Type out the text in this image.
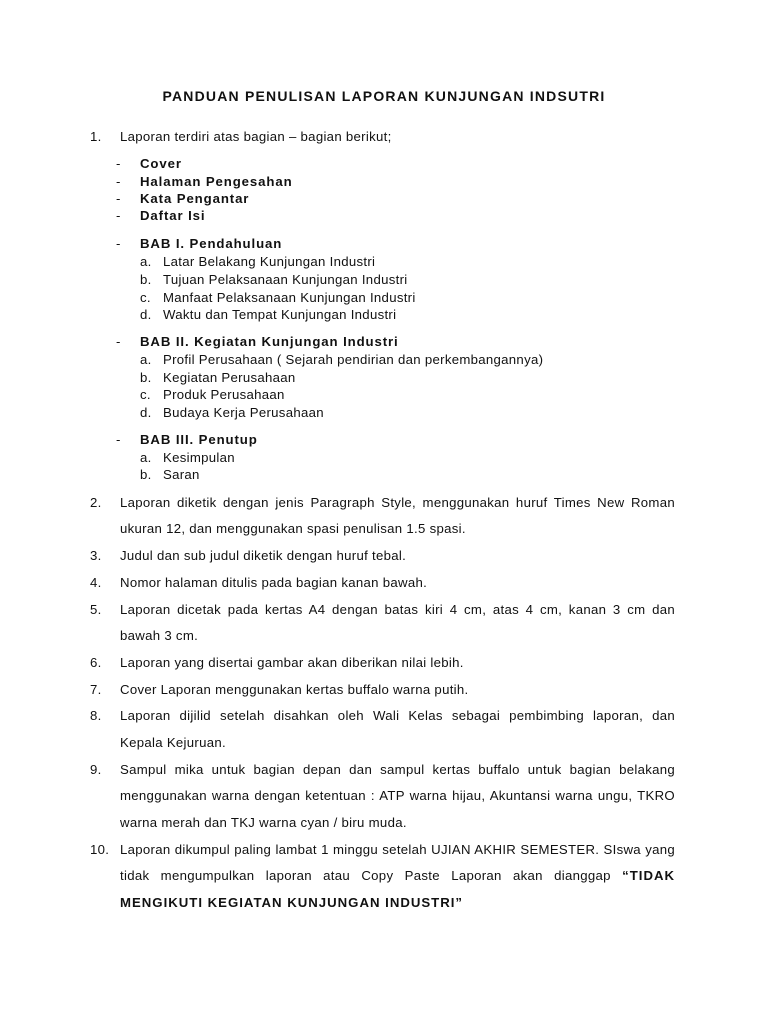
PANDUAN PENULISAN LAPORAN KUNJUNGAN INDSUTRI
1. Laporan terdiri atas bagian – bagian berikut;
- Cover
- Halaman Pengesahan
- Kata Pengantar
- Daftar Isi
- BAB I. Pendahuluan
a. Latar Belakang Kunjungan Industri
b. Tujuan Pelaksanaan Kunjungan Industri
c. Manfaat Pelaksanaan Kunjungan Industri
d. Waktu dan Tempat Kunjungan Industri
- BAB II. Kegiatan Kunjungan Industri
a. Profil Perusahaan ( Sejarah pendirian dan perkembangannya)
b. Kegiatan Perusahaan
c. Produk Perusahaan
d. Budaya Kerja Perusahaan
- BAB III. Penutup
a. Kesimpulan
b. Saran
2. Laporan diketik dengan jenis Paragraph Style, menggunakan huruf Times New Roman
ukuran 12, dan menggunakan spasi penulisan 1.5 spasi.
3. Judul dan sub judul diketik dengan huruf tebal.
4. Nomor halaman ditulis pada bagian kanan bawah.
5. Laporan dicetak pada kertas A4 dengan batas kiri 4 cm, atas 4 cm, kanan 3 cm dan
bawah 3 cm.
6. Laporan yang disertai gambar akan diberikan nilai lebih.
7. Cover Laporan menggunakan kertas buffalo warna putih.
8. Laporan dijilid setelah disahkan oleh Wali Kelas sebagai pembimbing laporan, dan
Kepala Kejuruan.
9. Sampul mika untuk bagian depan dan sampul kertas buffalo untuk bagian belakang
menggunakan warna dengan ketentuan : ATP warna hijau, Akuntansi warna ungu, TKRO
warna merah dan TKJ warna cyan / biru muda.
10. Laporan dikumpul paling lambat 1 minggu setelah UJIAN AKHIR SEMESTER. SIswa yang
tidak mengumpulkan laporan atau Copy Paste Laporan akan dianggap “TIDAK
MENGIKUTI KEGIATAN KUNJUNGAN INDUSTRI”
